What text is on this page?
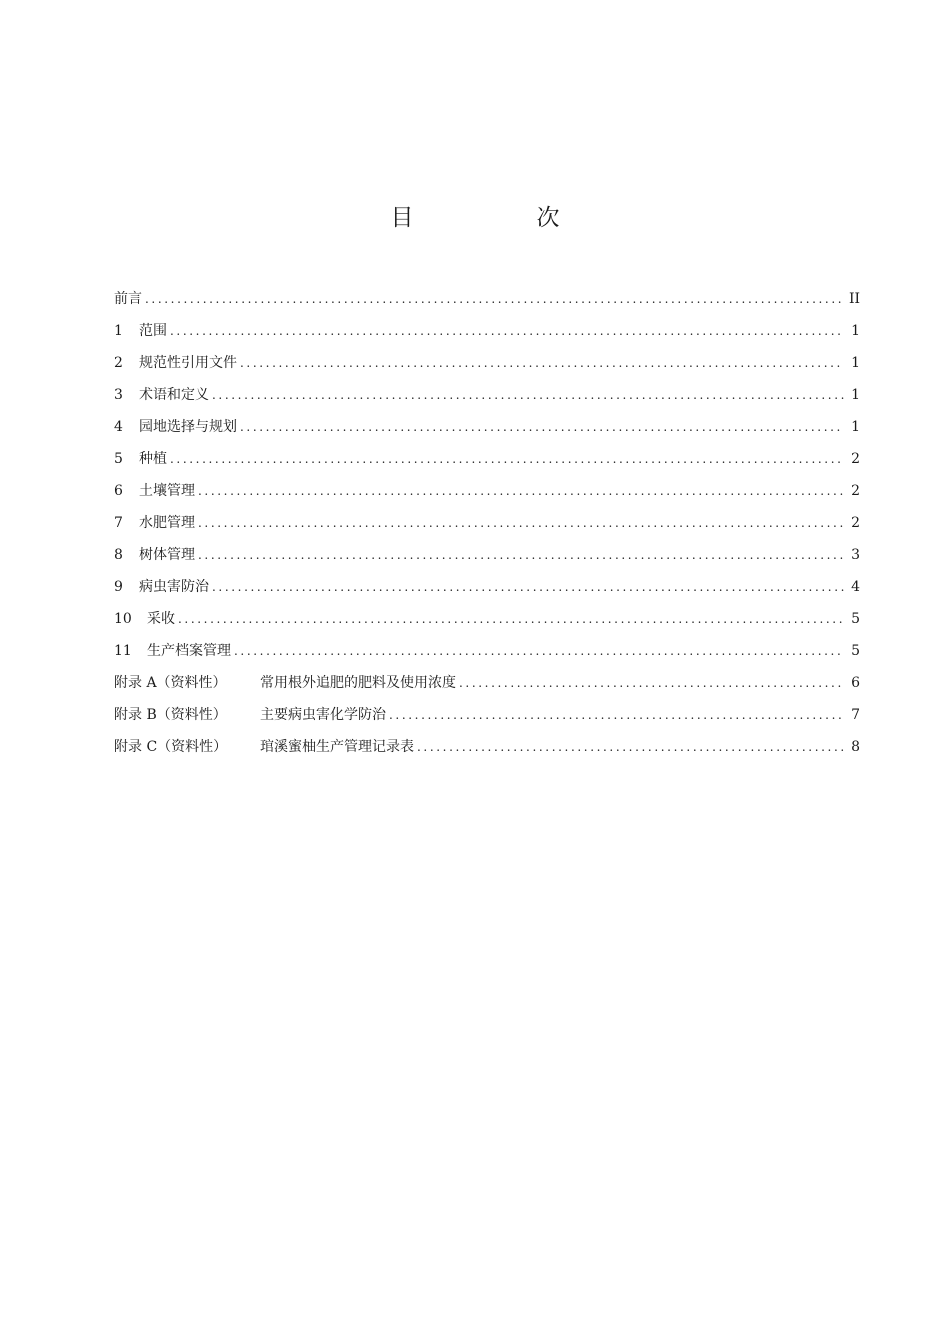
目　次
前言 .....	II
1	范围 .....	1
2	规范性引用文件 .....	1
3	术语和定义 .....	1
4	园地选择与规划 .....	1
5	种植 .....	2
6	土壤管理 .....	2
7	水肥管理 .....	2
8	树体管理 .....	3
9	病虫害防治 .....	4
10	采收 .....	5
11	生产档案管理 .....	5
附录 A（资料性）	常用根外追肥的肥料及使用浓度 .....	6
附录 B（资料性）	主要病虫害化学防治 .....	7
附录 C（资料性）	琯溪蜜柚生产管理记录表 .....	8
